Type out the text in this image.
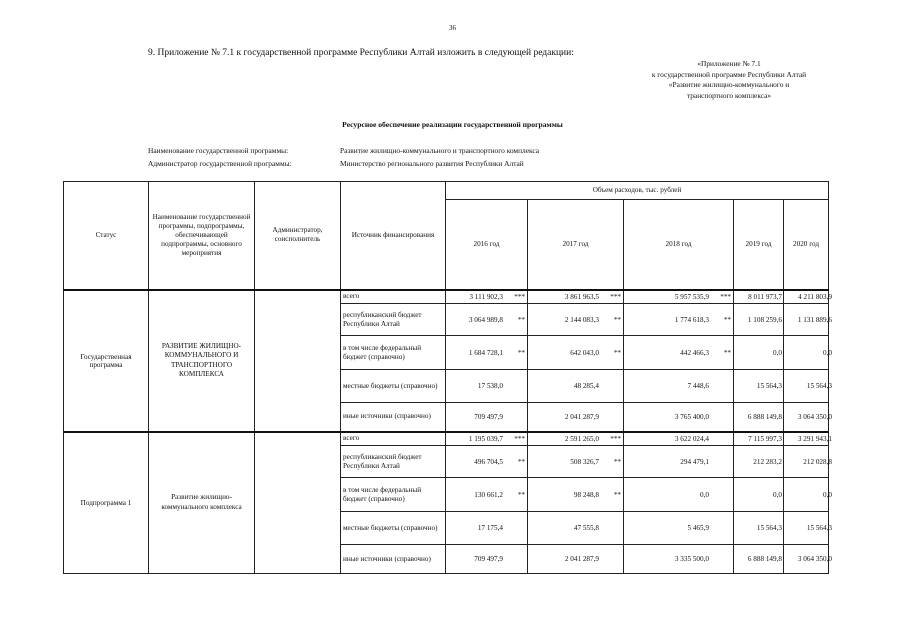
36
9. Приложение № 7.1 к государственной программе Республики Алтай изложить в следующей редакции:
«Приложение № 7.1
к государственной программе Республики Алтай
«Развитие жилищно-коммунального и
транспортного комплекса»
Ресурсное обеспечение реализации государственной программы
Наименование государственной программы:	Развитие жилищно-коммунального и транспортного комплекса
Администратор государственной программы:	Министерство регионального развития Республики Алтай
Статус	Наименование государственной программы, подпрограммы, обеспечивающей подпрограммы, основного мероприятия	Администратор, соисполнитель	Источник финансирования	Объем расходов, тыс. рублей				
				2016 год	2017 год	2018 год	2019 год	2020 год
Государственная программа	РАЗВИТИЕ ЖИЛИЩНО-КОММУНАЛЬНОГО И ТРАНСПОРТНОГО КОМПЛЕКСА		всего	3 111 902,3 ***	3 861 963,5 ***	5 957 535,9 ***	8 011 973,7	4 211 803,9
			республиканский бюджет Республики Алтай	3 064 989,8 **	2 144 083,3 **	1 774 618,3 **	1 108 259,6	1 131 889,6
			в том числе федеральный бюджет (справочно)	1 684 728,1 **	642 043,0 **	442 466,3 **	0,0	0,0
			местные бюджеты (справочно)	17 538,0	48 285,4	7 448,6	15 564,3	15 564,3
			иные источники (справочно)	709 497,9	2 041 287,9	3 765 400,0	6 888 149,8	3 064 350,0
Подпрограмма 1	Развитие жилищно-коммунального комплекса		всего	1 195 039,7 ***	2 591 265,0 ***	3 622 024,4	7 115 997,3	3 291 943,1
			республиканский бюджет Республики Алтай	496 704,5 **	508 326,7 **	294 479,1	212 283,2	212 028,8
			в том числе федеральный бюджет (справочно)	130 661,2 **	98 248,8 **	0,0	0,0	0,0
			местные бюджеты (справочно)	17 175,4	47 555,8	5 465,9	15 564,3	15 564,3
			иные источники (справочно)	709 497,9	2 041 287,9	3 335 500,0	6 888 149,8	3 064 350,0
